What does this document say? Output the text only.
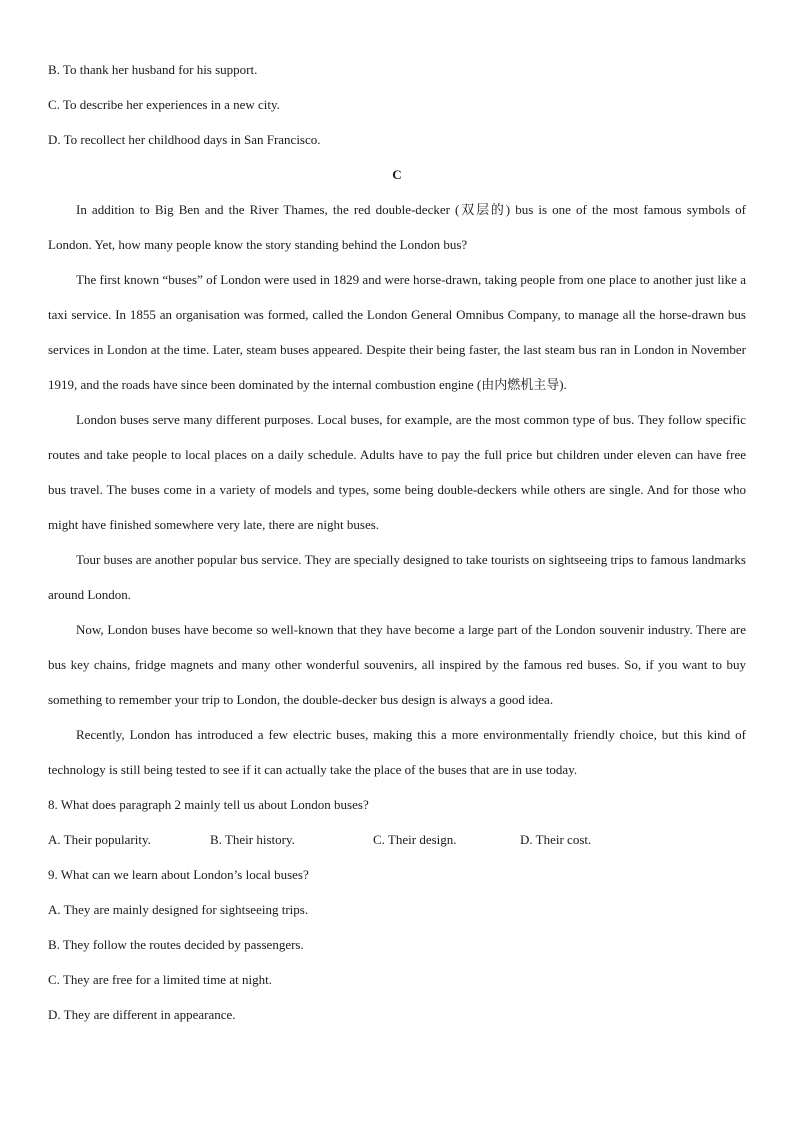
B. To thank her husband for his support.

C. To describe her experiences in a new city.

D. To recollect her childhood days in San Francisco.

C

In addition to Big Ben and the River Thames, the red double-decker (双层的) bus is one of the most famous symbols of London. Yet, how many people know the story standing behind the London bus?

The first known “buses” of London were used in 1829 and were horse-drawn, taking people from one place to another just like a taxi service. In 1855 an organisation was formed, called the London General Omnibus Company, to manage all the horse-drawn bus services in London at the time. Later, steam buses appeared. Despite their being faster, the last steam bus ran in London in November 1919, and the roads have since been dominated by the internal combustion engine (由内燃机主导).

London buses serve many different purposes. Local buses, for example, are the most common type of bus. They follow specific routes and take people to local places on a daily schedule. Adults have to pay the full price but children under eleven can have free bus travel. The buses come in a variety of models and types, some being double-deckers while others are single. And for those who might have finished somewhere very late, there are night buses.

Tour buses are another popular bus service. They are specially designed to take tourists on sightseeing trips to famous landmarks around London.

Now, London buses have become so well-known that they have become a large part of the London souvenir industry. There are bus key chains, fridge magnets and many other wonderful souvenirs, all inspired by the famous red buses. So, if you want to buy something to remember your trip to London, the double-decker bus design is always a good idea.

Recently, London has introduced a few electric buses, making this a more environmentally friendly choice, but this kind of technology is still being tested to see if it can actually take the place of the buses that are in use today.

8. What does paragraph 2 mainly tell us about London buses?

A. Their popularity.	B. Their history.	C. Their design.	D. Their cost.

9. What can we learn about London’s local buses?

A. They are mainly designed for sightseeing trips.

B. They follow the routes decided by passengers.

C. They are free for a limited time at night.

D. They are different in appearance.
